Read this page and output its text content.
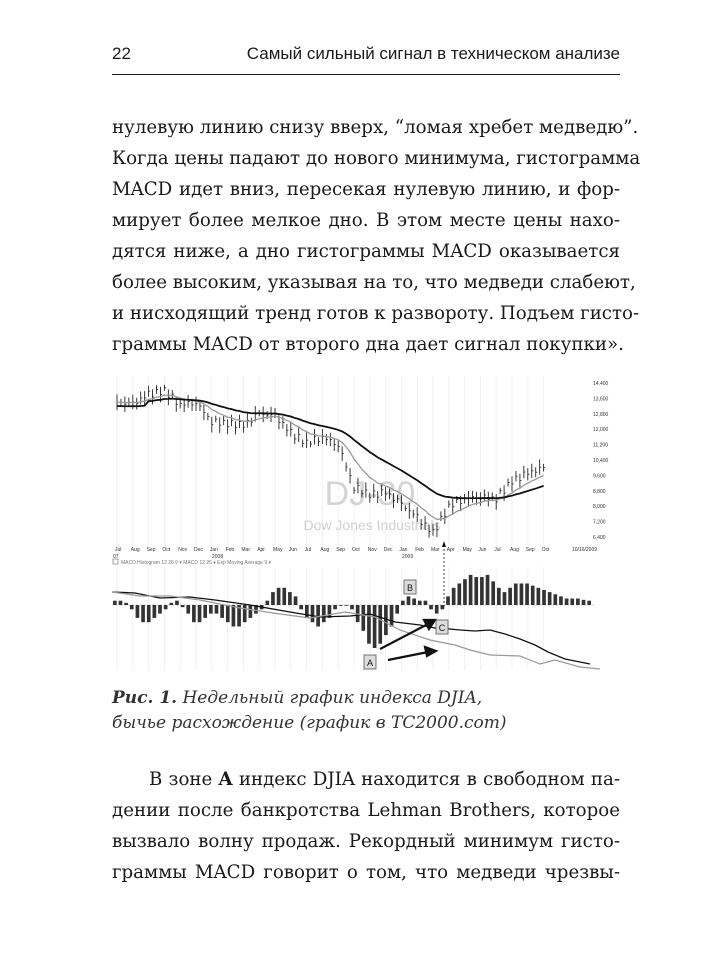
22	Самый сильный сигнал в техническом анализе
нулевую линию снизу вверх, “ломая хребет медведю”.
Когда цены падают до нового минимума, гистограмма
MACD идет вниз, пересекая нулевую линию, и фор-
мирует более мелкое дно. В этом месте цены нахо-
дятся ниже, а дно гистограммы MACD оказывается
более высоким, указывая на то, что медведи слабеют,
и нисходящий тренд готов к развороту. Подъем гисто-
граммы MACD от второго дна дает сигнал покупки».
DJ-30
Dow Jones Industrials
14,400
13,600
12,800
12,000
11,200
10,400
9,600
8,800
8,000
7,200
6,400
Jul Aug Sep Oct Nov Dec Jan Feb Mar Apr May Jun Jul Aug Sep Oct Nov Dec Jan Feb Mar Apr May Jun Jul Aug Sep Oct
07	2008	2009
10/16/2009
MACD Histogram 12 26 9 ▾ MACD 12 26 ▾ Exp Moving Average 9 ▾
B
C
A
Рис. 1. Недельный график индекса DJIA,
бычье расхождение (график в TC2000.com)
В зоне A индекс DJIA находится в свободном па-
дении после банкротства Lehman Brothers, которое
вызвало волну продаж. Рекордный минимум гисто-
граммы MACD говорит о том, что медведи чрезвы-
